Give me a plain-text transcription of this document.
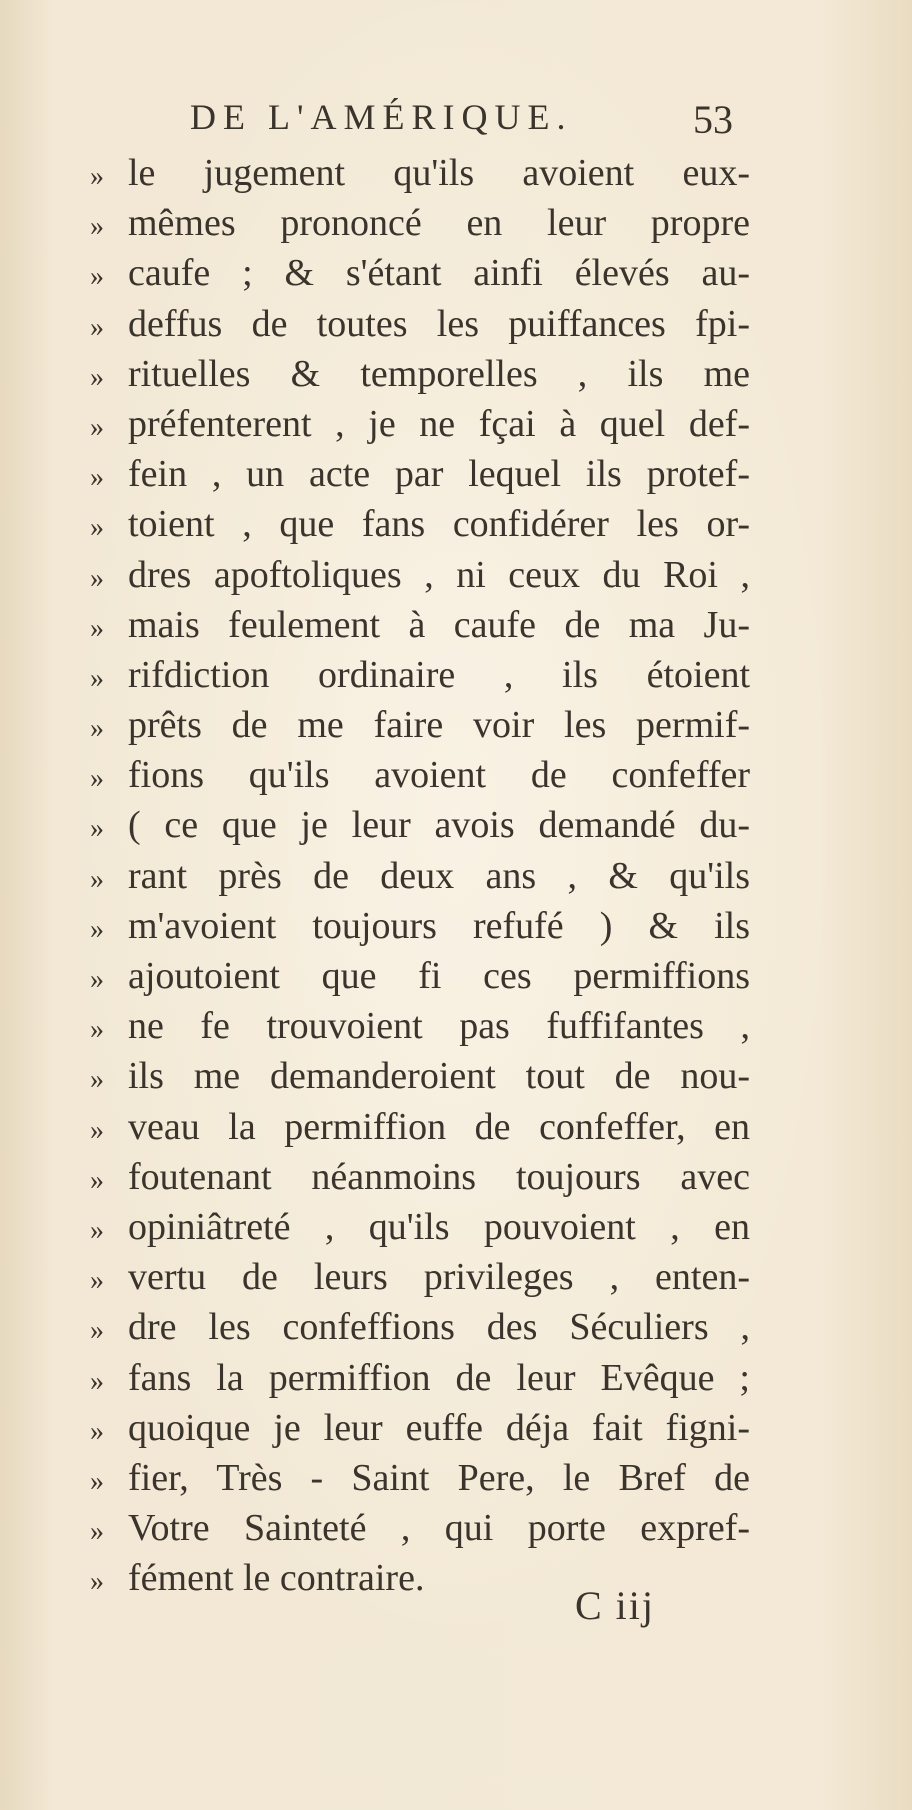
DE L'AMÉRIQUE.	53
» le jugement qu'ils avoient eux-
» mêmes prononcé en leur propre
» caufe ; & s'étant ainfi élevés au-
» deffus de toutes les puiffances fpi-
» rituelles & temporelles , ils me
» préfenterent , je ne fçai à quel def-
» fein , un acte par lequel ils protef-
» toient , que fans confidérer les or-
» dres apoftoliques , ni ceux du Roi ,
» mais feulement à caufe de ma Ju-
» rifdiction ordinaire , ils étoient
» prêts de me faire voir les permif-
» fions qu'ils avoient de confeffer
» ( ce que je leur avois demandé du-
» rant près de deux ans , & qu'ils
» m'avoient toujours refufé ) & ils
» ajoutoient que fi ces permiffions
» ne fe trouvoient pas fuffifantes ,
» ils me demanderoient tout de nou-
» veau la permiffion de confeffer, en
» foutenant néanmoins toujours avec
» opiniâtreté , qu'ils pouvoient , en
» vertu de leurs privileges , enten-
» dre les confeffions des Séculiers ,
» fans la permiffion de leur Evêque ;
» quoique je leur euffe déja fait figni-
» fier, Très - Saint Pere, le Bref de
» Votre Sainteté , qui porte expref-
» fément le contraire.
C iij
